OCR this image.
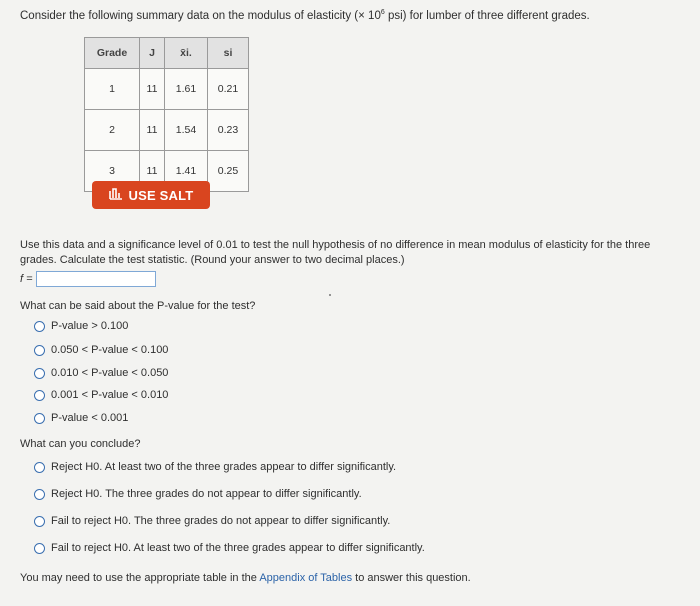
Consider the following summary data on the modulus of elasticity (× $10^6$ psi) for lumber of three different grades.
Grade	J	x̄i.	si
1	11	1.61	0.21
2	11	1.54	0.23
3	11	1.41	0.25
USE SALT
Use this data and a significance level of 0.01 to test the null hypothesis of no difference in mean modulus of elasticity for the three grades. Calculate the test statistic. (Round your answer to two decimal places.)
f =
What can be said about the P-value for the test?
P-value > 0.100
0.050 < P-value < 0.100
0.010 < P-value < 0.050
0.001 < P-value < 0.010
P-value < 0.001
What can you conclude?
Reject H0. At least two of the three grades appear to differ significantly.
Reject H0. The three grades do not appear to differ significantly.
Fail to reject H0. The three grades do not appear to differ significantly.
Fail to reject H0. At least two of the three grades appear to differ significantly.
You may need to use the appropriate table in the Appendix of Tables to answer this question.
